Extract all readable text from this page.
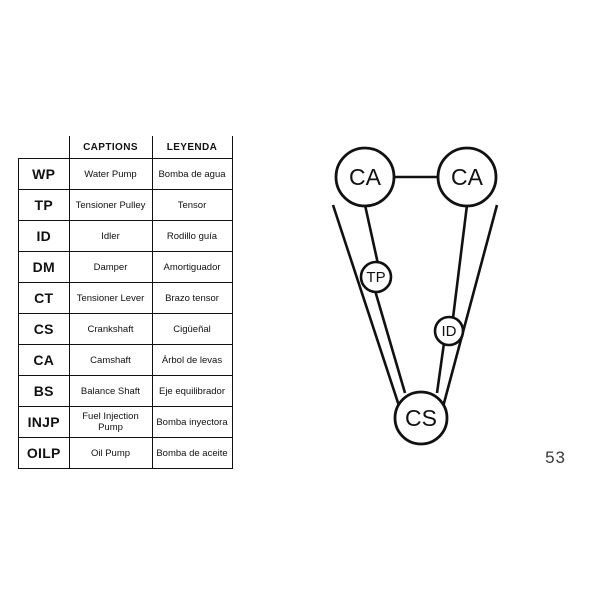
	CAPTIONS	LEYENDA
WP	Water Pump	Bomba de agua
TP	Tensioner Pulley	Tensor
ID	Idler	Rodillo guía
DM	Damper	Amortiguador
CT	Tensioner Lever	Brazo tensor
CS	Crankshaft	Cigüeñal
CA	Camshaft	Árbol de levas
BS	Balance Shaft	Eje equilibrador
INJP	Fuel Injection Pump	Bomba inyectora
OILP	Oil Pump	Bomba de aceite
CA	CA
TP
ID
CS
53
